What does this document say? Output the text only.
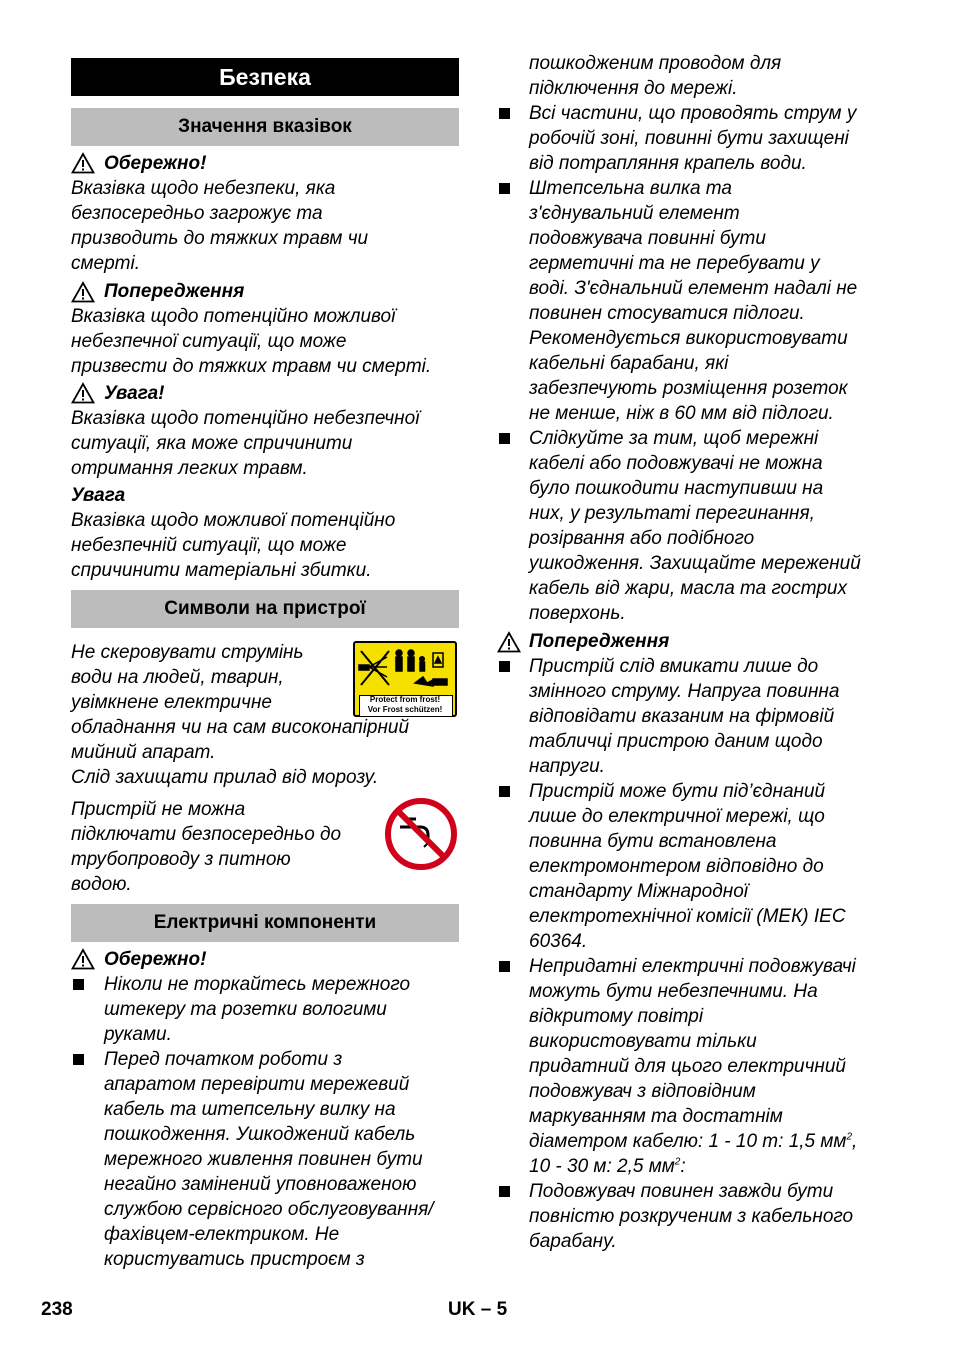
Безпека
Значення вказівок
Обережно!
Вказівка щодо небезпеки, яка
безпосередньо загрожує та
призводить до тяжких травм чи
смерті.
Попередження
Вказівка щодо потенційно можливої
небезпечної ситуації, що може
призвести до тяжких травм чи смерті.
Увага!
Вказівка щодо потенційно небезпечної
ситуації, яка може спричинити
отримання легких травм.
Увага
Вказівка щодо можливої потенційно
небезпечній ситуації, що може
спричинити матеріальні збитки.
Символи на пристрої
Не скеровувати струмінь
води на людей, тварин,
увімкнене електричне
обладнання чи на сам високонапірний
мийний апарат.
Слід захищати прилад від морозу.
Protect from frost!
Vor Frost schützen!
Пристрій не можна
підключати безпосередньо до
трубопроводу з питною
водою.
Електричні компоненти
Обережно!
Ніколи не торкайтесь мережного
штекеру та розетки вологими
руками.
Перед початком роботи з
апаратом перевірити мережевий
кабель та штепсельну вилку на
пошкодження. Ушкоджений кабель
мережного живлення повинен бути
негайно замінений уповноваженою
службою сервісного обслуговування/
фахівцем-електриком. Не
користуватись пристроєм з
пошкодженим проводом для
підключення до мережі.
Всі частини, що проводять струм у
робочій зоні, повинні бути захищені
від потрапляння крапель води.
Штепсельна вилка та
з'єднувальний елемент
подовжувача повинні бути
герметичні та не перебувати у
воді. З'єднальний елемент надалі не
повинен стосуватися підлоги.
Рекомендується використовувати
кабельні барабани, які
забезпечують розміщення розеток
не менше, ніж в 60 мм від підлоги.
Слідкуйте за тим, щоб мережні
кабелі або подовжувачі не можна
було пошкодити наступивши на
них, у результаті перегинання,
розірвання або подібного
ушкодження. Захищайте мережений
кабель від жари, масла та гострих
поверхонь.
Попередження
Пристрій слід вмикати лише до
змінного струму. Напруга повинна
відповідати вказаним на фірмовій
табличці пристрою даним щодо
напруги.
Пристрій може бути під’єднаний
лише до електричної мережі, що
повинна бути встановлена
електромонтером відповідно до
стандарту Міжнародної
електротехнічної комісії (МЕК) IEC
60364.
Непридатні електричні подовжувачі
можуть бути небезпечними. На
відкритому повітрі
використовувати тільки
придатний для цього електричний
подовжувач з відповідним
маркуванням та достатнім
діаметром кабелю: 1 - 10 m: 1,5 $мм^2$,
10 - 30 м: 2,5 $мм^2$:
Подовжувач повинен завжди бути
повністю розкрученим з кабельного
барабану.
238	UK – 5
